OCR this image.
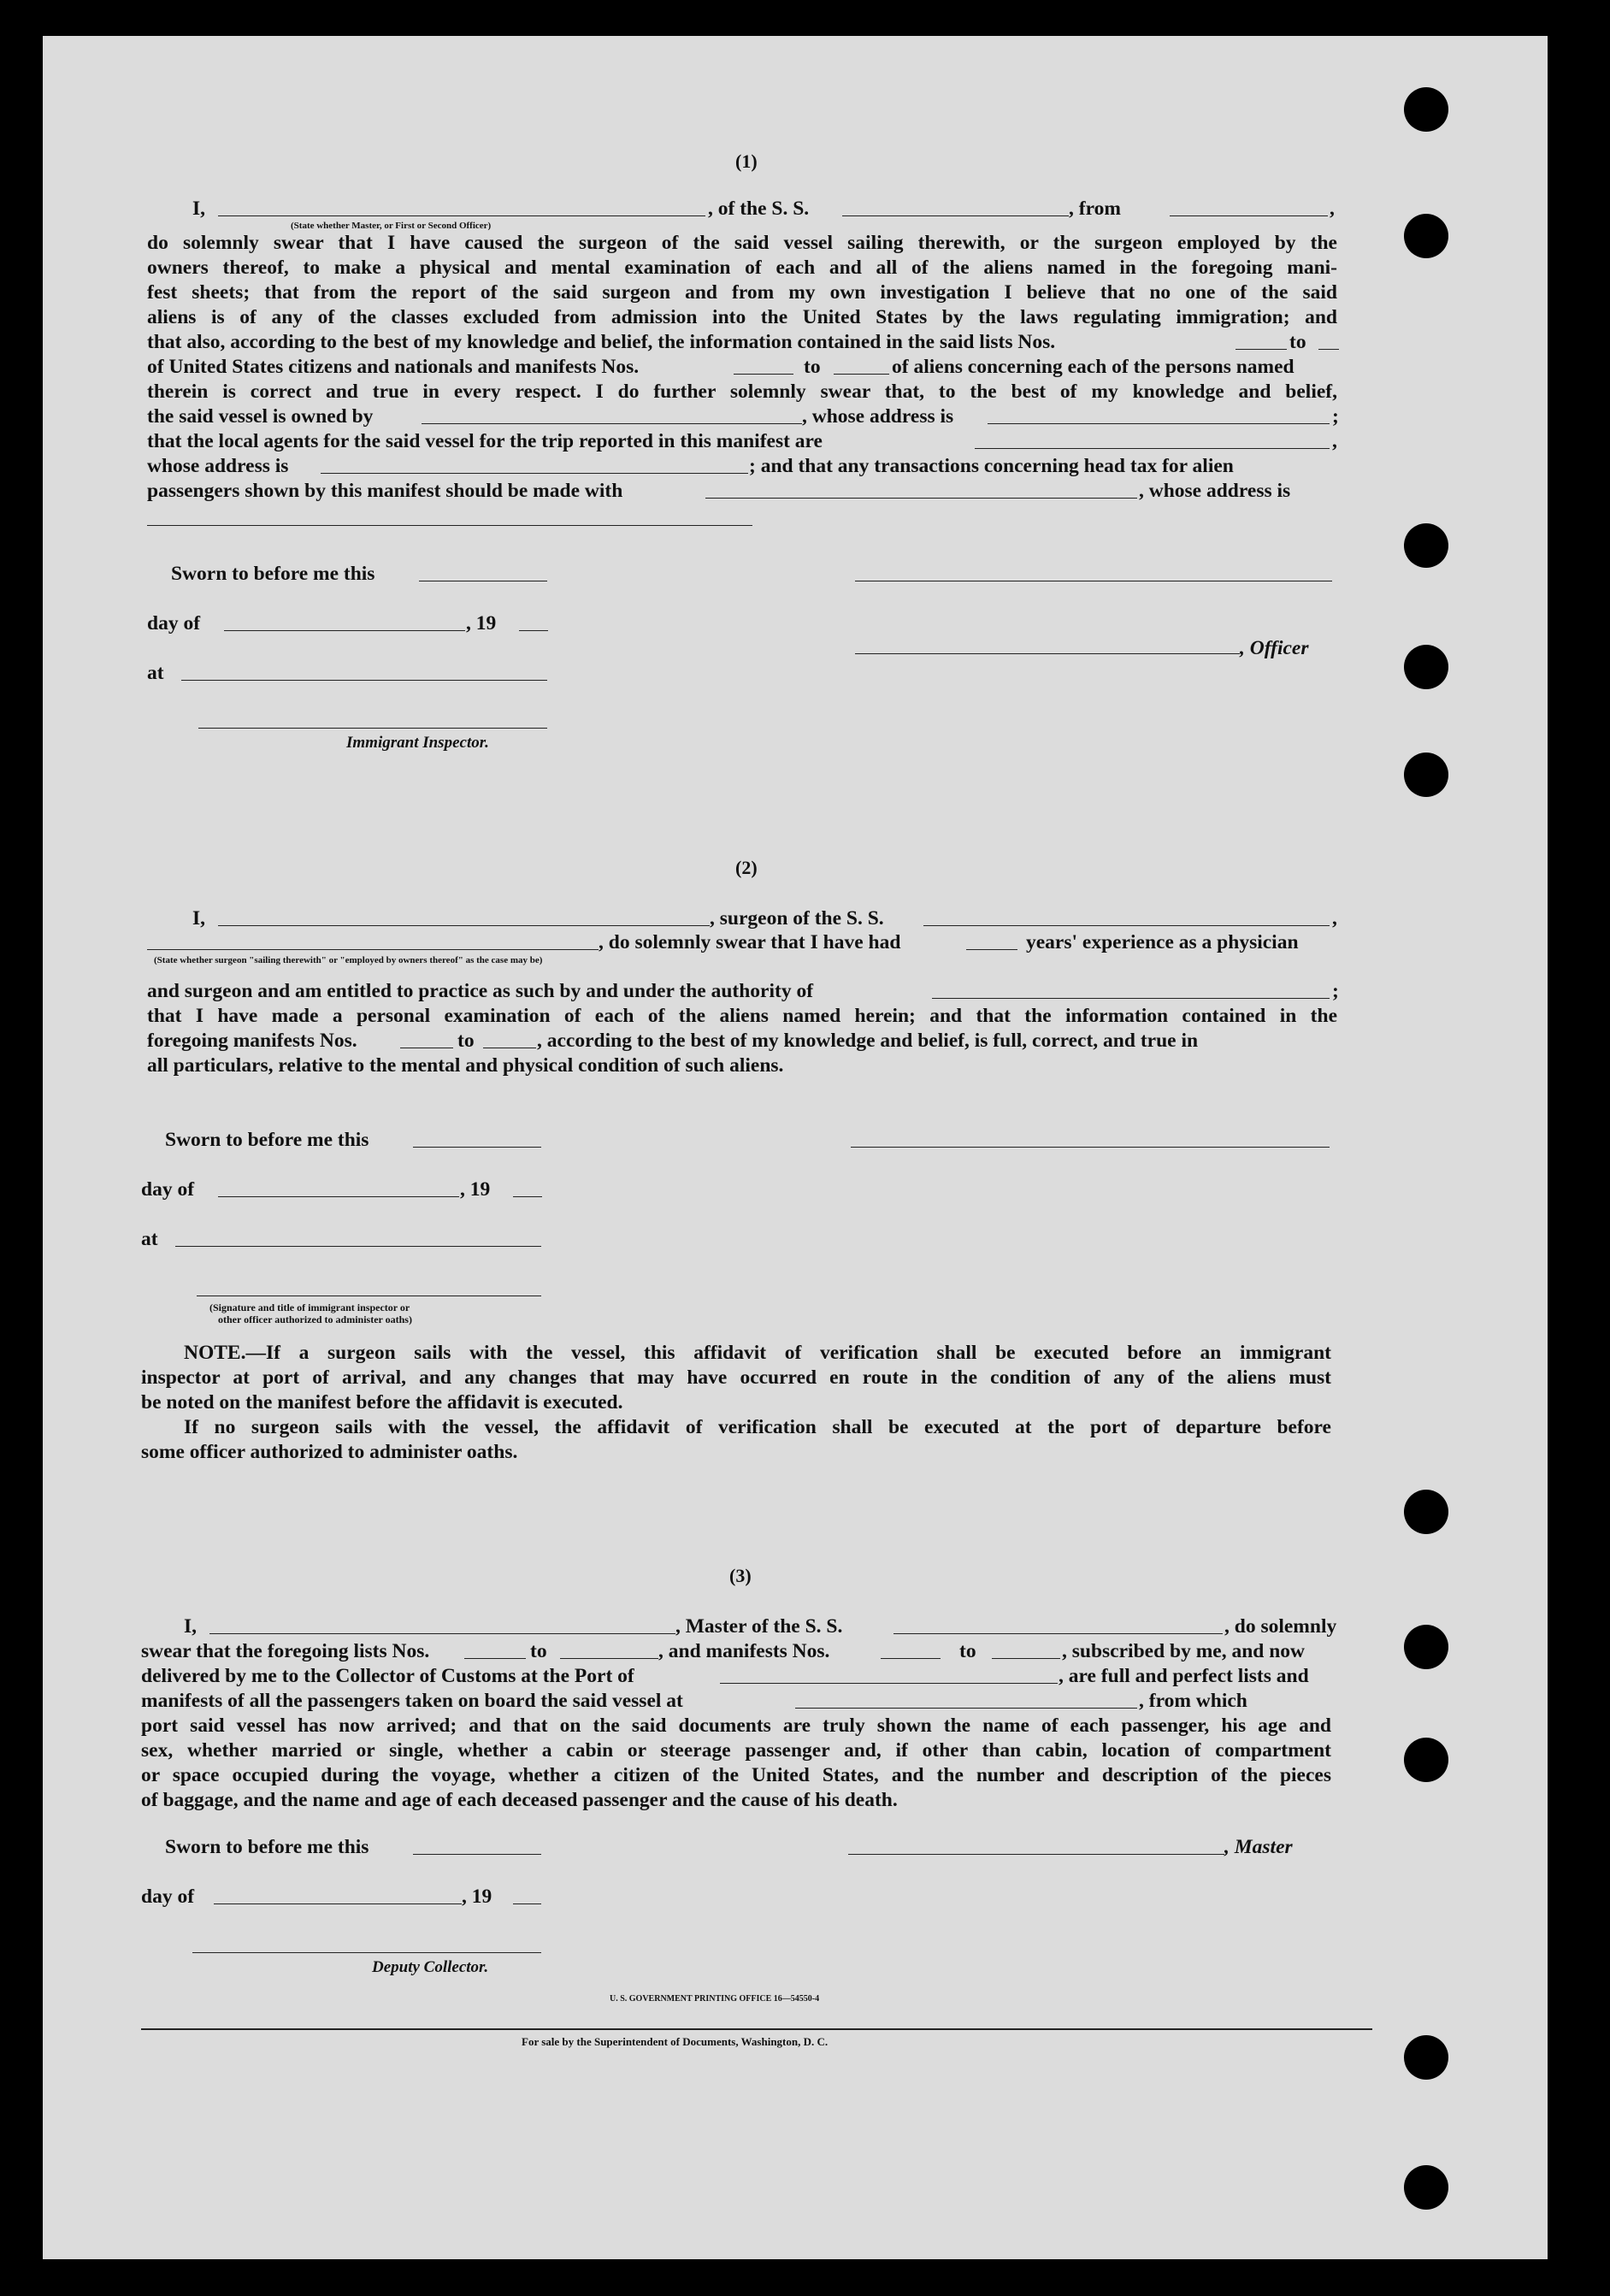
(1)
I,	, of the S. S.	, from	,
(State whether Master, or First or Second Officer)
do solemnly swear that I have caused the surgeon of the said vessel sailing therewith, or the surgeon employed by the
owners thereof, to make a physical and mental examination of each and all of the aliens named in the foregoing mani-
fest sheets; that from the report of the said surgeon and from my own investigation I believe that no one of the said
aliens is of any of the classes excluded from admission into the United States by the laws regulating immigration; and
that also, according to the best of my knowledge and belief, the information contained in the said lists Nos.	to
of United States citizens and nationals and manifests Nos.	to	of aliens concerning each of the persons named
therein is correct and true in every respect. I do further solemnly swear that, to the best of my knowledge and belief,
the said vessel is owned by	, whose address is	;
that the local agents for the said vessel for the trip reported in this manifest are	,
whose address is	; and that any transactions concerning head tax for alien
passengers shown by this manifest should be made with	, whose address is
Sworn to before me this
day of	, 19
, Officer
at
Immigrant Inspector.
(2)
I,	, surgeon of the S. S.	,
, do solemnly swear that I have had	years' experience as a physician
(State whether surgeon "sailing therewith" or "employed by owners thereof" as the case may be)
and surgeon and am entitled to practice as such by and under the authority of	;
that I have made a personal examination of each of the aliens named herein; and that the information contained in the
foregoing manifests Nos.	to	, according to the best of my knowledge and belief, is full, correct, and true in
all particulars, relative to the mental and physical condition of such aliens.
Sworn to before me this
day of	, 19
at
(Signature and title of immigrant inspector or
other officer authorized to administer oaths)
NOTE.—If a surgeon sails with the vessel, this affidavit of verification shall be executed before an immigrant
inspector at port of arrival, and any changes that may have occurred en route in the condition of any of the aliens must
be noted on the manifest before the affidavit is executed.
If no surgeon sails with the vessel, the affidavit of verification shall be executed at the port of departure before
some officer authorized to administer oaths.
(3)
I,	, Master of the S. S.	, do solemnly
swear that the foregoing lists Nos.	to	, and manifests Nos.	to	, subscribed by me, and now
delivered by me to the Collector of Customs at the Port of	, are full and perfect lists and
manifests of all the passengers taken on board the said vessel at	, from which
port said vessel has now arrived; and that on the said documents are truly shown the name of each passenger, his age and
sex, whether married or single, whether a cabin or steerage passenger and, if other than cabin, location of compartment
or space occupied during the voyage, whether a citizen of the United States, and the number and description of the pieces
of baggage, and the name and age of each deceased passenger and the cause of his death.
Sworn to before me this	, Master
day of	, 19
Deputy Collector.
U. S. GOVERNMENT PRINTING OFFICE 16—54550-4
For sale by the Superintendent of Documents, Washington, D. C.
